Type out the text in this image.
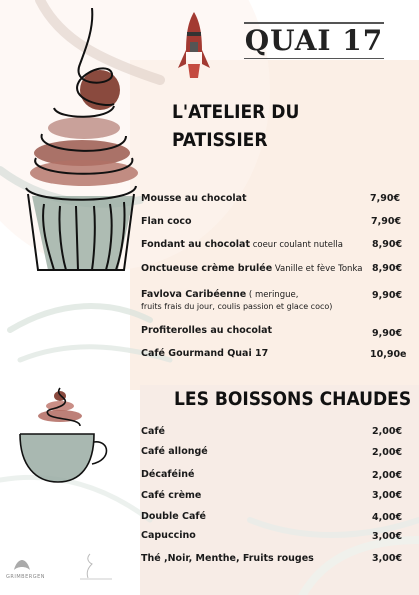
QUAI 17
L'ATELIER DU
PATISSIER
Mousse au chocolat	7,90€
Flan coco	7,90€
Fondant au chocolat coeur coulant nutella	8,90€
Onctueuse crème brulée Vanille et fève Tonka 8,90€
Favlova Caribéenne ( meringue,
fruits frais du jour, coulis passion et glace coco)
9,90€
Profiterolles au chocolat	9,90€
Café Gourmand Quai 17	10,90e
LES BOISSONS CHAUDES
Café	2,00€
Café allongé	2,00€
Décaféiné	2,00€
Café crème	3,00€
Double Café	4,00€
Capuccino	3,00€
Thé ,Noir, Menthe, Fruits rouges	3,00€
GRIMBERGEN
